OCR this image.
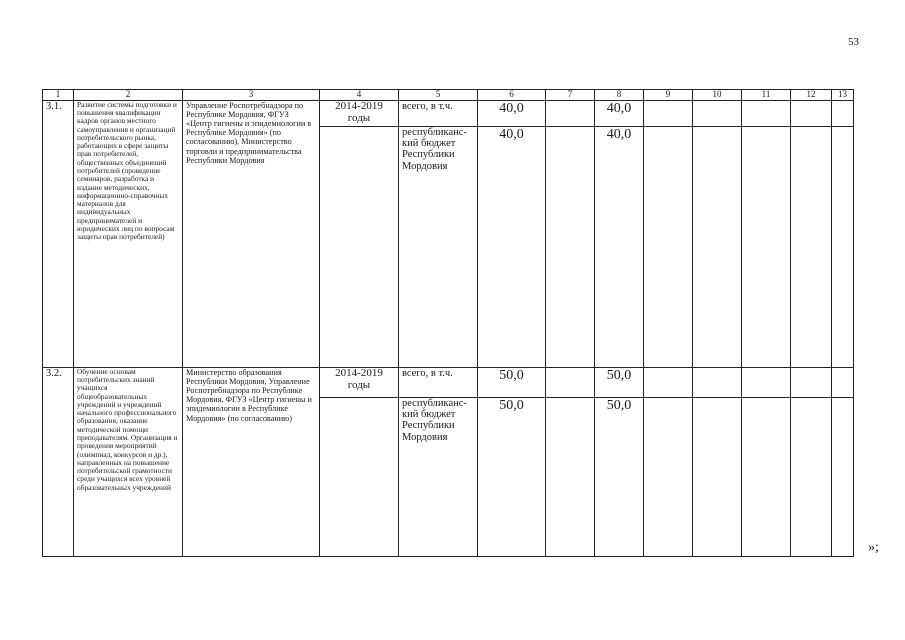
53
1	2	3	4	5	6	7	8	9	10	11	12	13
3.1.	Развитие системы подготовки и повышения квалификации кадров органов местного самоуправления и организаций потребительского рынка, работающих в сфере защиты прав потребителей, общественных объединений потребителей (проведение семинаров, разработка и издание методических, информационно-справочных материалов для индивидуальных предпринимателей и юридических лиц по вопросам защиты прав потребителей)	Управление Роспотребнадзора по Республике Мордовия, ФГУЗ «Центр гигиены и эпидемиологии в Республике Мордовия» (по согласованию), Министерство торговли и предпринимательства Республики Мордовия	2014-2019 годы	всего, в т.ч.	40,0		40,0					
				республиканс-кий бюджет Республики Мордовия	40,0		40,0					
3.2.	Обучение основам потребительских знаний учащихся общеобразовательных учреждений и учреждений начального профессионального образования, оказание методической помощи преподавателям. Организация и проведения мероприятий (олимпиад, конкурсов и др.), направленных на повышение потребительской грамотности среди учащихся всех уровней образовательных учреждений	Министерство образования Республики Мордовия, Управление Роспотребнадзора по Республике Мордовия, ФГУЗ «Центр гигиены и эпидемиологии в Республике Мордовия» (по согласованию)	2014-2019 годы	всего, в т.ч.	50,0		50,0					
				республиканс-кий бюджет Республики Мордовия	50,0		50,0					
»;
